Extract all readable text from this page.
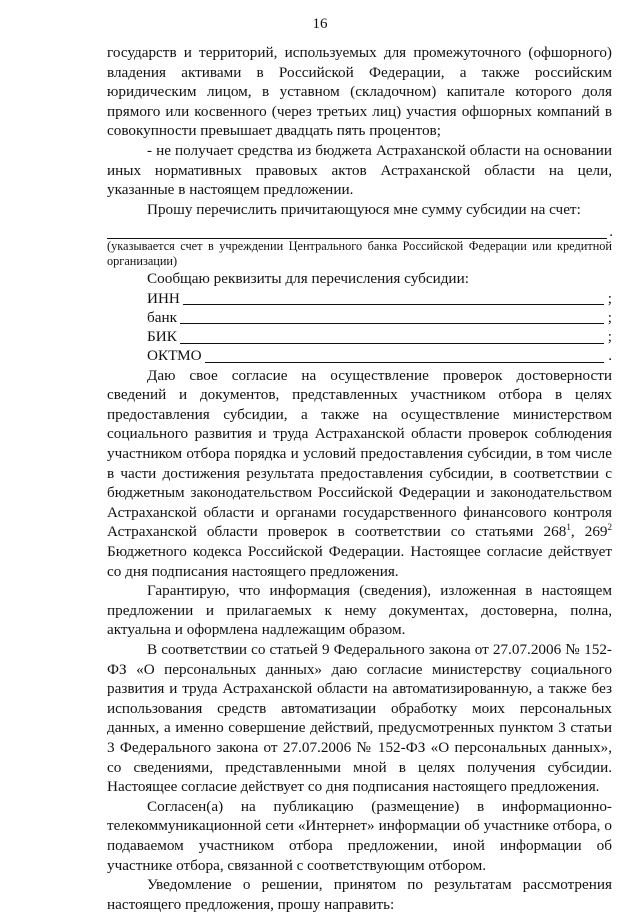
16

государств и территорий, используемых для промежуточного (офшорного) владения активами в Российской Федерации, а также российским юридическим лицом, в уставном (складочном) капитале которого доля прямого или косвенного (через третьих лиц) участия офшорных компаний в совокупности превышает двадцать пять процентов;

- не получает средства из бюджета Астраханской области на основании иных нормативных правовых актов Астраханской области на цели, указанные в настоящем предложении.

Прошу перечислить причитающуюся мне сумму субсидии на счет:

.

(указывается счет в учреждении Центрального банка Российской Федерации или кредитной организации)

Сообщаю реквизиты для перечисления субсидии:

ИНН	;
банк	;
БИК	;
ОКТМО	.

Даю свое согласие на осуществление проверок достоверности сведений и документов, представленных участником отбора в целях предоставления субсидии, а также на осуществление министерством социального развития и труда Астраханской области проверок соблюдения участником отбора порядка и условий предоставления субсидии, в том числе в части достижения результата предоставления субсидии, в соответствии с бюджетным законодательством Российской Федерации и законодательством Астраханской области и органами государственного финансового контроля Астраханской области проверок в соответствии со статьями $268^1$, $269^2$ Бюджетного кодекса Российской Федерации. Настоящее согласие действует со дня подписания настоящего предложения.

Гарантирую, что информация (сведения), изложенная в настоящем предложении и прилагаемых к нему документах, достоверна, полна, актуальна и оформлена надлежащим образом.

В соответствии со статьей 9 Федерального закона от 27.07.2006 № 152-ФЗ «О персональных данных» даю согласие министерству социального развития и труда Астраханской области на автоматизированную, а также без использования средств автоматизации обработку моих персональных данных, а именно совершение действий, предусмотренных пунктом 3 статьи 3 Федерального закона от 27.07.2006 № 152-ФЗ «О персональных данных», со сведениями, представленными мной в целях получения субсидии. Настоящее согласие действует со дня подписания настоящего предложения.

Согласен(а) на публикацию (размещение) в информационно-телекоммуникационной сети «Интернет» информации об участнике отбора, о подаваемом участником отбора предложении, иной информации об участнике отбора, связанной с соответствующим отбором.

Уведомление о решении, принятом по результатам рассмотрения настоящего предложения, прошу направить:
